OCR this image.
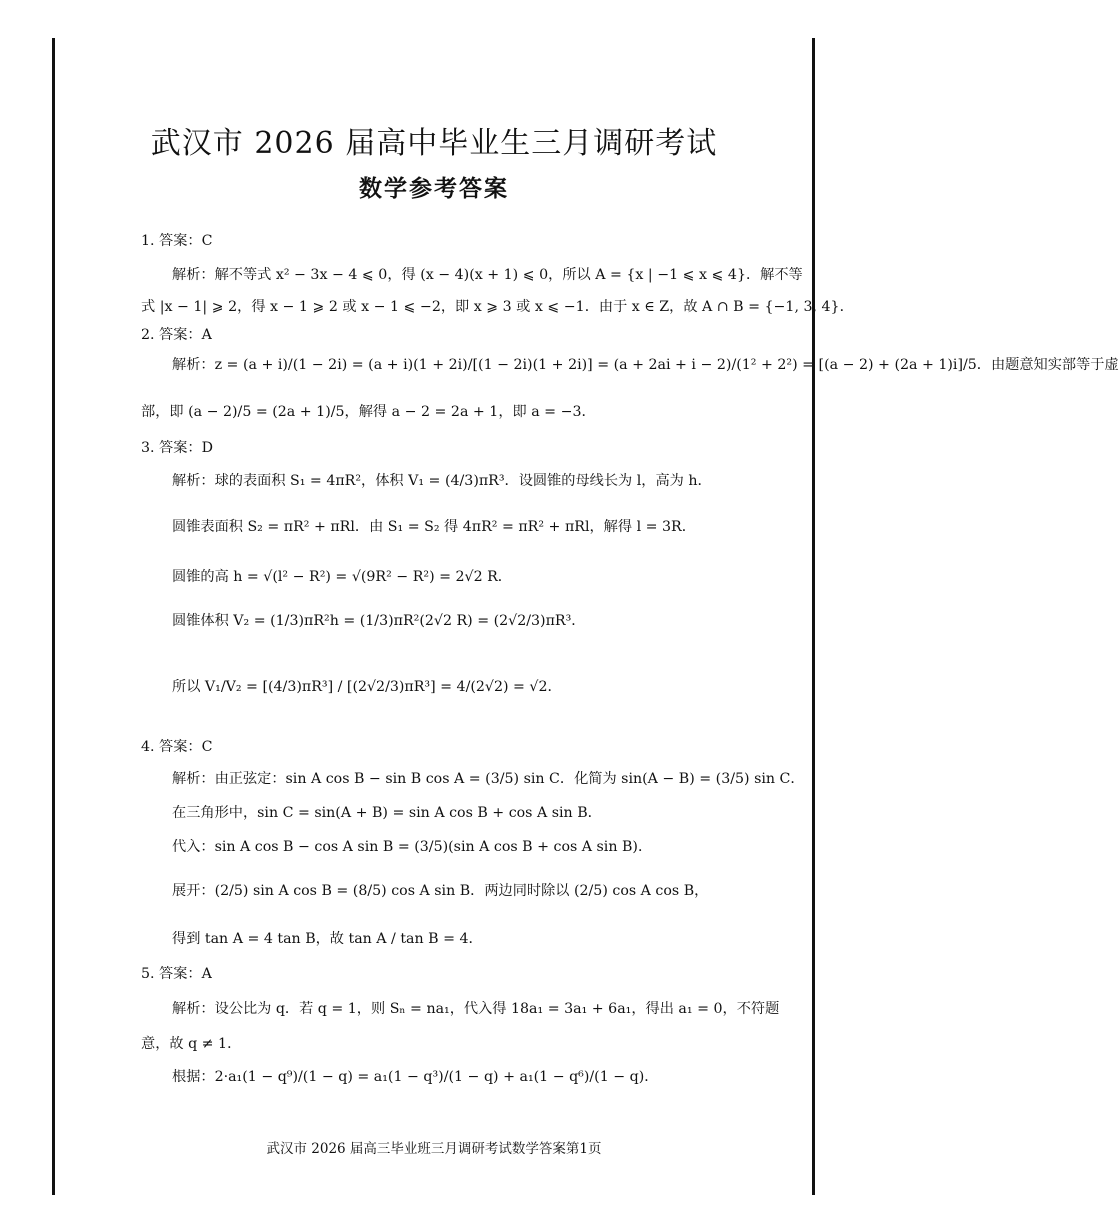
武汉市 2026 届高中毕业生三月调研考试
数学参考答案
1. 答案：C
解析：解不等式 x² − 3x − 4 ⩽ 0，得 (x − 4)(x + 1) ⩽ 0，所以 A = {x | −1 ⩽ x ⩽ 4}．解不等
式 |x − 1| ⩾ 2，得 x − 1 ⩾ 2 或 x − 1 ⩽ −2，即 x ⩾ 3 或 x ⩽ −1．由于 x ∈ Z，故 A ∩ B = {−1, 3, 4}．
2. 答案：A
解析：z = (a + i)/(1 − 2i) = (a + i)(1 + 2i)/[(1 − 2i)(1 + 2i)] = (a + 2ai + i − 2)/(1² + 2²) = [(a − 2) + (2a + 1)i]/5．由题意知实部等于虚
部，即 (a − 2)/5 = (2a + 1)/5，解得 a − 2 = 2a + 1，即 a = −3．
3. 答案：D
解析：球的表面积 S₁ = 4πR²，体积 V₁ = (4/3)πR³．设圆锥的母线长为 l，高为 h．
圆锥表面积 S₂ = πR² + πRl．由 S₁ = S₂ 得 4πR² = πR² + πRl，解得 l = 3R．
圆锥的高 h = √(l² − R²) = √(9R² − R²) = 2√2 R．
圆锥体积 V₂ = (1/3)πR²h = (1/3)πR²(2√2 R) = (2√2/3)πR³．
所以 V₁/V₂ = [(4/3)πR³] / [(2√2/3)πR³] = 4/(2√2) = √2．
4. 答案：C
解析：由正弦定：sin A cos B − sin B cos A = (3/5) sin C．化简为 sin(A − B) = (3/5) sin C．
在三角形中，sin C = sin(A + B) = sin A cos B + cos A sin B．
代入：sin A cos B − cos A sin B = (3/5)(sin A cos B + cos A sin B)．
展开：(2/5) sin A cos B = (8/5) cos A sin B．两边同时除以 (2/5) cos A cos B，
得到 tan A = 4 tan B，故 tan A / tan B = 4．
5. 答案：A
解析：设公比为 q．若 q = 1，则 Sₙ = na₁，代入得 18a₁ = 3a₁ + 6a₁，得出 a₁ = 0，不符题
意，故 q ≠ 1．
根据：2·a₁(1 − q⁹)/(1 − q) = a₁(1 − q³)/(1 − q) + a₁(1 − q⁶)/(1 − q)．
武汉市 2026 届高三毕业班三月调研考试数学答案第1页
